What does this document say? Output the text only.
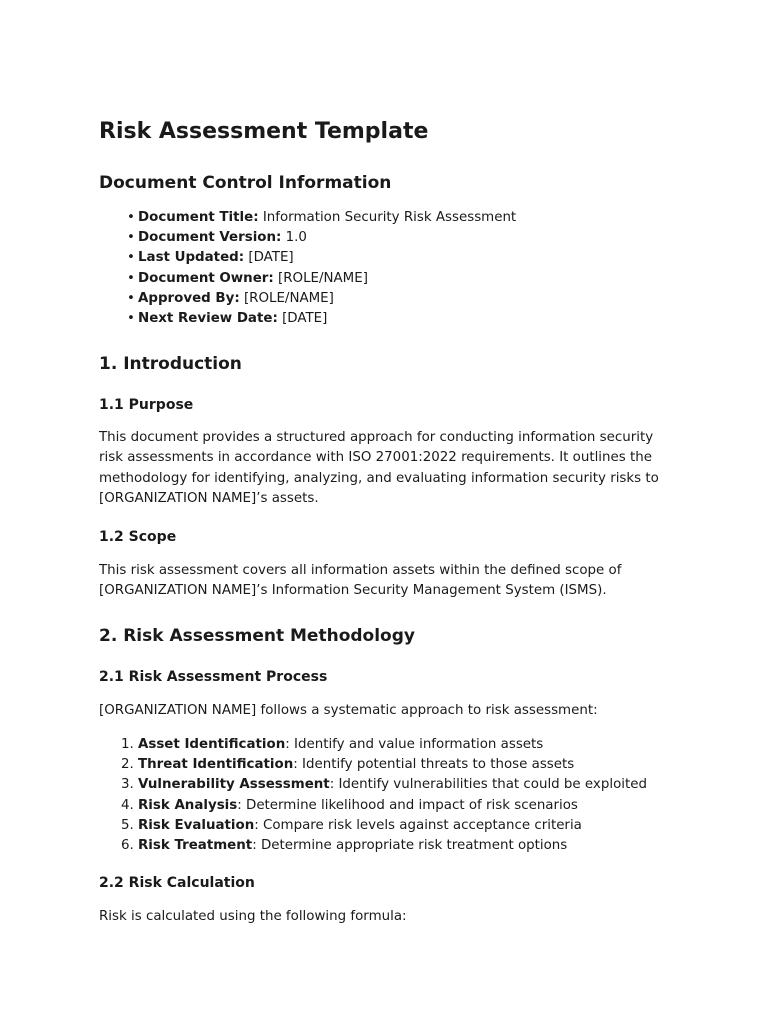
Risk Assessment Template
Document Control Information
• Document Title: Information Security Risk Assessment
• Document Version: 1.0
• Last Updated: [DATE]
• Document Owner: [ROLE/NAME]
• Approved By: [ROLE/NAME]
• Next Review Date: [DATE]
1. Introduction
1.1 Purpose

This document provides a structured approach for conducting information security risk assessments in accordance with ISO 27001:2022 requirements. It outlines the methodology for identifying, analyzing, and evaluating information security risks to [ORGANIZATION NAME]’s assets.

1.2 Scope

This risk assessment covers all information assets within the defined scope of [ORGANIZATION NAME]’s Information Security Management System (ISMS).

2. Risk Assessment Methodology
2.1 Risk Assessment Process

[ORGANIZATION NAME] follows a systematic approach to risk assessment:

1. Asset Identification: Identify and value information assets
2. Threat Identification: Identify potential threats to those assets
3. Vulnerability Assessment: Identify vulnerabilities that could be exploited
4. Risk Analysis: Determine likelihood and impact of risk scenarios
5. Risk Evaluation: Compare risk levels against acceptance criteria
6. Risk Treatment: Determine appropriate risk treatment options
2.2 Risk Calculation

Risk is calculated using the following formula:
